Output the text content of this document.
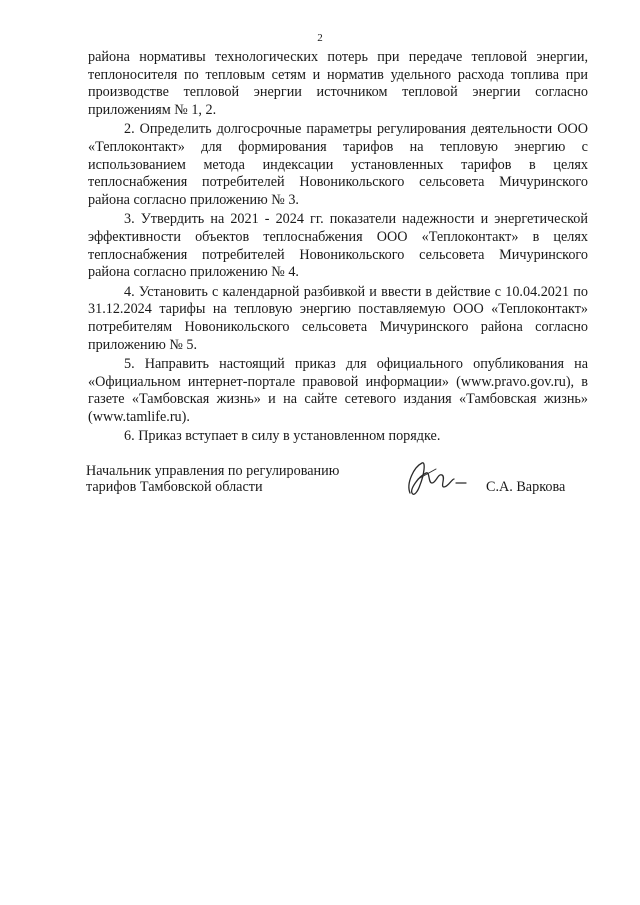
2

района нормативы технологических потерь при передаче тепловой энергии, теплоносителя по тепловым сетям и норматив удельного расхода топлива при производстве тепловой энергии источником тепловой энергии согласно приложениям № 1, 2.

2. Определить долгосрочные параметры регулирования деятельности ООО «Теплоконтакт» для формирования тарифов на тепловую энергию с использованием метода индексации установленных тарифов в целях теплоснабжения потребителей Новоникольского сельсовета Мичуринского района согласно приложению № 3.

3. Утвердить на 2021 - 2024 гг. показатели надежности и энергетической эффективности объектов теплоснабжения ООО «Теплоконтакт» в целях теплоснабжения потребителей Новоникольского сельсовета Мичуринского района согласно приложению № 4.

4. Установить с календарной разбивкой и ввести в действие с 10.04.2021 по 31.12.2024 тарифы на тепловую энергию поставляемую ООО «Теплоконтакт» потребителям Новоникольского сельсовета Мичуринского района согласно приложению № 5.

5. Направить настоящий приказ для официального опубликования на «Официальном интернет-портале правовой информации» (www.pravo.gov.ru), в газете «Тамбовская жизнь» и на сайте сетевого издания «Тамбовская жизнь» (www.tamlife.ru).

6. Приказ вступает в силу в установленном порядке.

Начальник управления по регулированию тарифов Тамбовской области	С.А. Варкова
